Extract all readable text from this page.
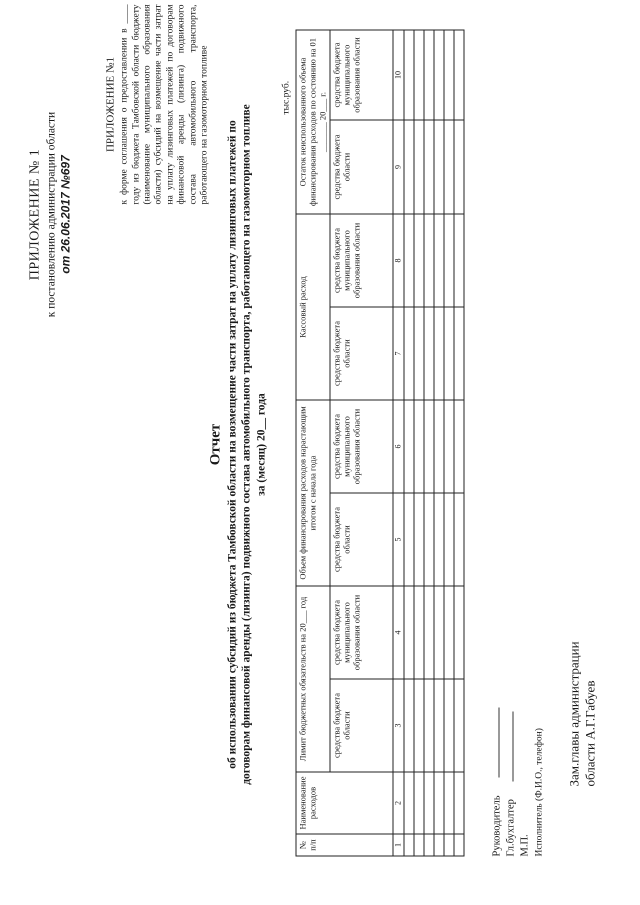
ПРИЛОЖЕНИЕ № 1 к постановлению администрации области от 26.06.2017 №697
ПРИЛОЖЕНИЕ №1 к форме соглашения о предоставлении в ____ году из бюджета Тамбовской области бюджету (наименование муниципального образования области) субсидий на возмещение части затрат на уплату лизинговых платежей по договорам финансовой аренды (лизинга) подвижного состава автомобильного транспорта, работающего на газомоторном топливе
Отчет об использовании субсидий из бюджета Тамбовской области на возмещение части затрат на уплату лизинговых платежей по договорам финансовой аренды (лизинга) подвижного состава автомобильного транспорта, работающего на газомоторном топливе за (месяц) 20__ года
тыс.руб.
№ п/п	Наименование расходов	Лимит бюджетных обязательств на 20___ год		Объем финансирования расходов нарастающим итогом с начала года		Кассовый расход		Остаток неиспользованного объема финансирования расходов по состоянию на 01 _______ 20___ г.	
		средства бюджета области	средства бюджета муниципального образования области	средства бюджета области	средства бюджета муниципального образования области	средства бюджета области	средства бюджета муниципального образования области	средства бюджета области	средства бюджета муниципального образования области
1	2	3	4	5	6	7	8	9	10

Руководитель Гл.бухгалтер М.П. Исполнитель (Ф.И.О., телефон)
Зам.главы администрации области А.Г.Габуев
